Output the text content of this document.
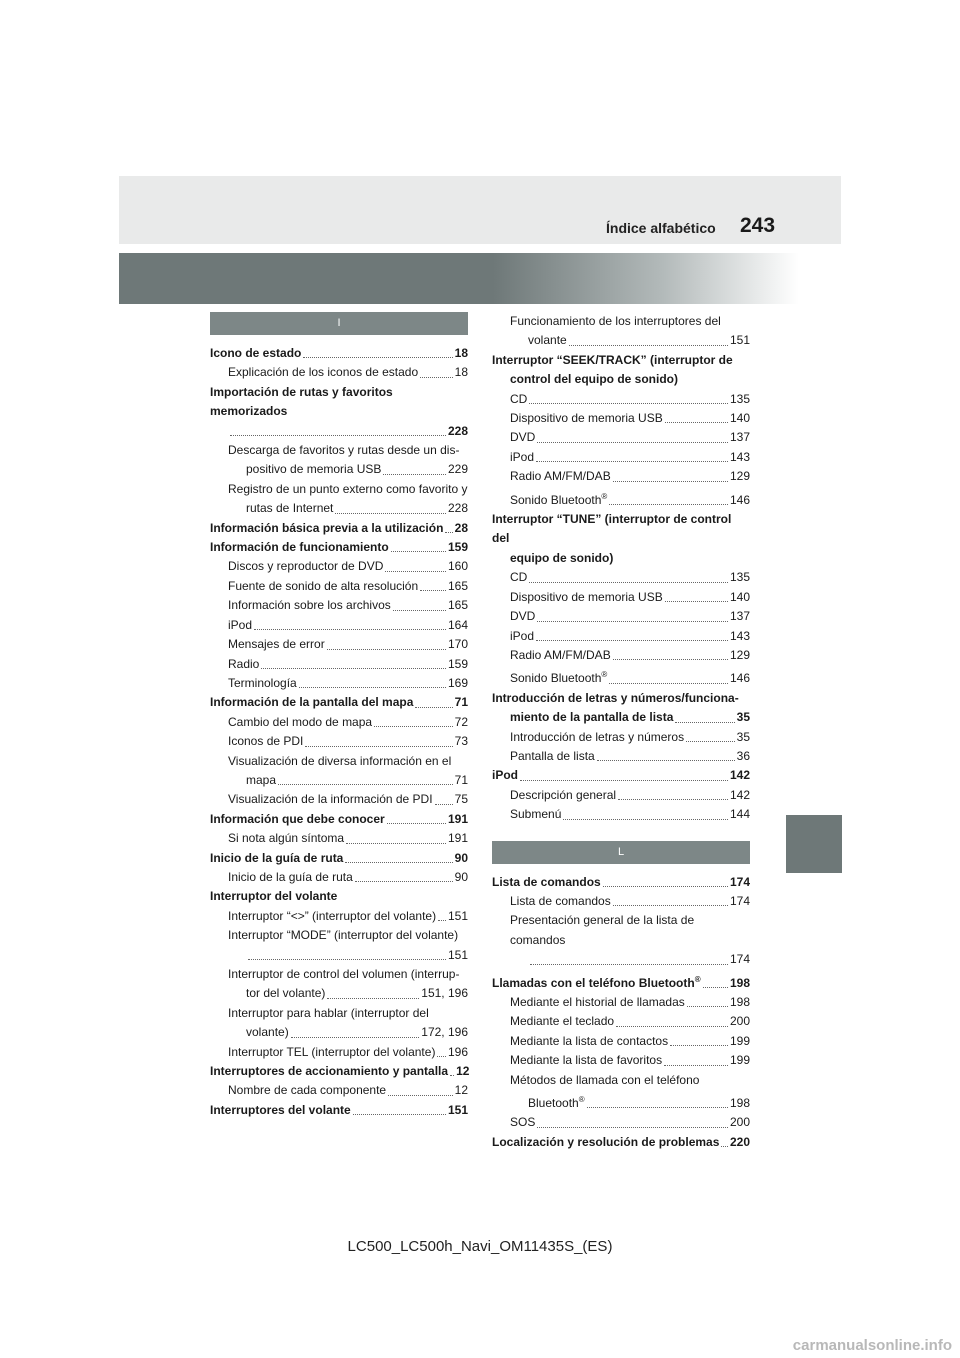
Índice alfabético 243
I
Icono de estado	18
Explicación de los iconos de estado	18
Importación de rutas y favoritos memorizados
228
Descarga de favoritos y rutas desde un dis-
positivo de memoria USB	229
Registro de un punto externo como favorito y
rutas de Internet	228
Información básica previa a la utilización 28
Información de funcionamiento	159
Discos y reproductor de DVD	160
Fuente de sonido de alta resolución 165
Información sobre los archivos	165
iPod	164
Mensajes de error	170
Radio	159
Terminología	169
Información de la pantalla del mapa	71
Cambio del modo de mapa	72
Iconos de PDI	73
Visualización de diversa información en el
mapa	71
Visualización de la información de PDI 75
Información que debe conocer	191
Si nota algún síntoma	191
Inicio de la guía de ruta	90
Inicio de la guía de ruta	90
Interruptor del volante
Interruptor “<>” (interruptor del volante) 151
Interruptor “MODE” (interruptor del volante)
151
Interruptor de control del volumen (interrup-
tor del volante)	151, 196
Interruptor para hablar (interruptor del
volante)	172, 196
Interruptor TEL (interruptor del volante) 196
Interruptores de accionamiento y pantalla 12
Nombre de cada componente	12
Interruptores del volante	151
Funcionamiento de los interruptores del
volante	151
Interruptor “SEEK/TRACK” (interruptor de
control del equipo de sonido)
CD	135
Dispositivo de memoria USB	140
DVD	137
iPod	143
Radio AM/FM/DAB	129
Sonido Bluetooth®	146
Interruptor “TUNE” (interruptor de control del
equipo de sonido)
CD	135
Dispositivo de memoria USB	140
DVD	137
iPod	143
Radio AM/FM/DAB	129
Sonido Bluetooth®	146
Introducción de letras y números/funciona-
miento de la pantalla de lista	35
Introducción de letras y números	35
Pantalla de lista	36
iPod	142
Descripción general	142
Submenú	144
L
Lista de comandos	174
Lista de comandos	174
Presentación general de la lista de comandos
174
Llamadas con el teléfono Bluetooth® 198
Mediante el historial de llamadas	198
Mediante el teclado	200
Mediante la lista de contactos	199
Mediante la lista de favoritos	199
Métodos de llamada con el teléfono
Bluetooth®	198
SOS	200
Localización y resolución de problemas 220
LC500_LC500h_Navi_OM11435S_(ES)
carmanualsonline.info
